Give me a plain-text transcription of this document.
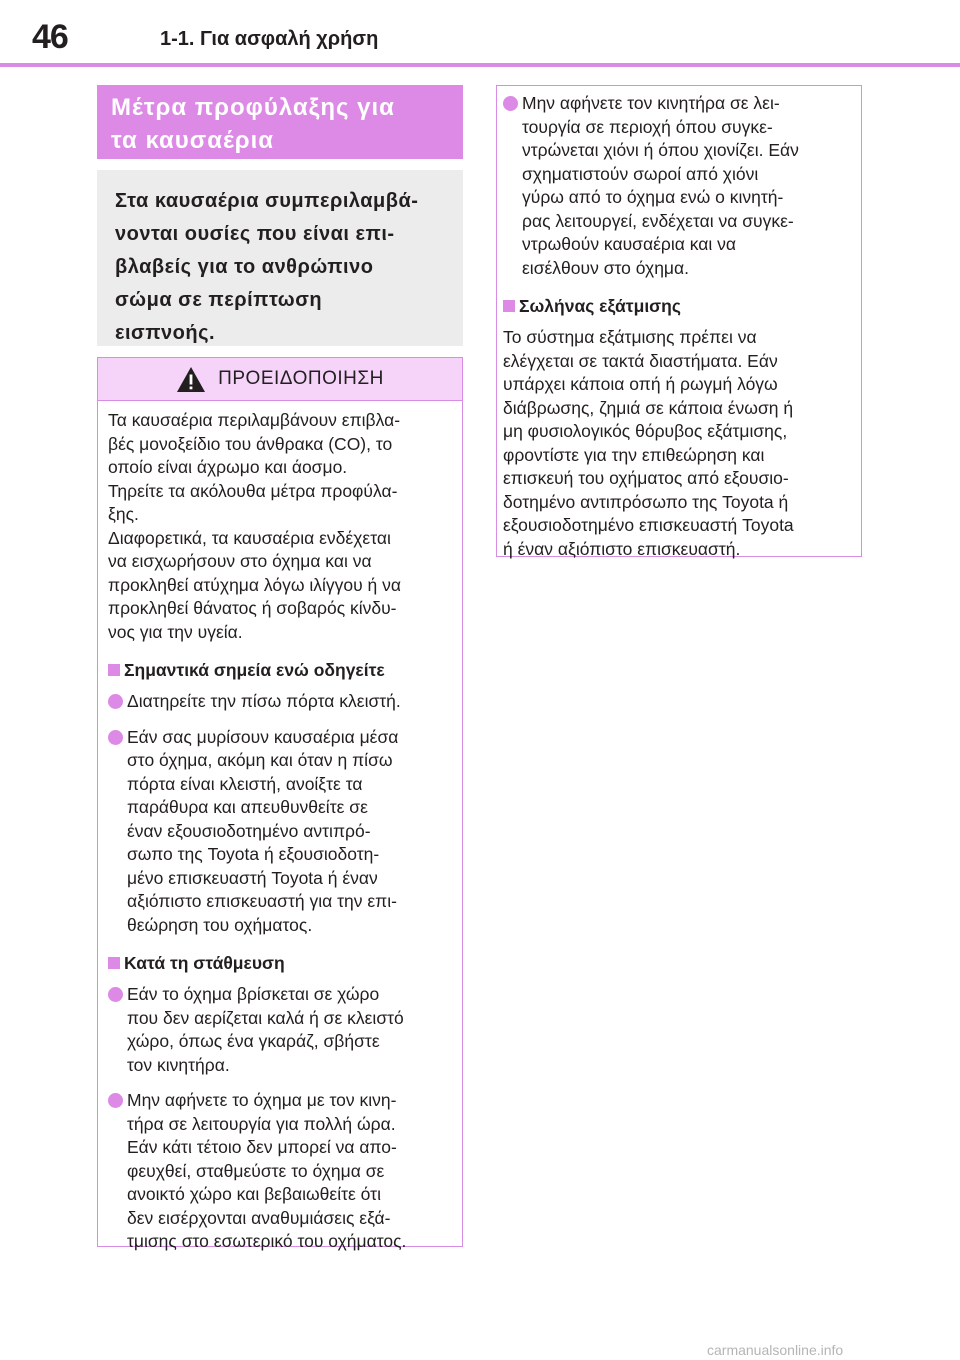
46	1-1. Για ασφαλή χρήση
Μέτρα προφύλαξης για
τα καυσαέρια
Στα καυσαέρια συμπεριλαμβά-
νονται ουσίες που είναι επι-
βλαβείς για το ανθρώπινο
σώμα σε περίπτωση
εισπνοής.
ΠΡΟΕΙΔΟΠΟΙΗΣΗ
Τα καυσαέρια περιλαμβάνουν επιβλα-
βές μονοξείδιο του άνθρακα (CO), το
οποίο είναι άχρωμο και άοσμο.
Τηρείτε τα ακόλουθα μέτρα προφύλα-
ξης.
Διαφορετικά, τα καυσαέρια ενδέχεται
να εισχωρήσουν στο όχημα και να
προκληθεί ατύχημα λόγω ιλίγγου ή να
προκληθεί θάνατος ή σοβαρός κίνδυ-
νος για την υγεία.
Σημαντικά σημεία ενώ οδηγείτε
Διατηρείτε την πίσω πόρτα κλειστή.
Εάν σας μυρίσουν καυσαέρια μέσα
στο όχημα, ακόμη και όταν η πίσω
πόρτα είναι κλειστή, ανοίξτε τα
παράθυρα και απευθυνθείτε σε
έναν εξουσιοδοτημένο αντιπρό-
σωπο της Toyota ή εξουσιοδοτη-
μένο επισκευαστή Toyota ή έναν
αξιόπιστο επισκευαστή για την επι-
θεώρηση του οχήματος.
Κατά τη στάθμευση
Εάν το όχημα βρίσκεται σε χώρο
που δεν αερίζεται καλά ή σε κλειστό
χώρο, όπως ένα γκαράζ, σβήστε
τον κινητήρα.
Μην αφήνετε το όχημα με τον κινη-
τήρα σε λειτουργία για πολλή ώρα.
Εάν κάτι τέτοιο δεν μπορεί να απο-
φευχθεί, σταθμεύστε το όχημα σε
ανοικτό χώρο και βεβαιωθείτε ότι
δεν εισέρχονται αναθυμιάσεις εξά-
τμισης στο εσωτερικό του οχήματος.
Μην αφήνετε τον κινητήρα σε λει-
τουργία σε περιοχή όπου συγκε-
ντρώνεται χιόνι ή όπου χιονίζει. Εάν
σχηματιστούν σωροί από χιόνι
γύρω από το όχημα ενώ ο κινητή-
ρας λειτουργεί, ενδέχεται να συγκε-
ντρωθούν καυσαέρια και να
εισέλθουν στο όχημα.
Σωλήνας εξάτμισης
Το σύστημα εξάτμισης πρέπει να
ελέγχεται σε τακτά διαστήματα. Εάν
υπάρχει κάποια οπή ή ρωγμή λόγω
διάβρωσης, ζημιά σε κάποια ένωση ή
μη φυσιολογικός θόρυβος εξάτμισης,
φροντίστε για την επιθεώρηση και
επισκευή του οχήματος από εξουσιο-
δοτημένο αντιπρόσωπο της Toyota ή
εξουσιοδοτημένο επισκευαστή Toyota
ή έναν αξιόπιστο επισκευαστή.
carmanualsonline.info
